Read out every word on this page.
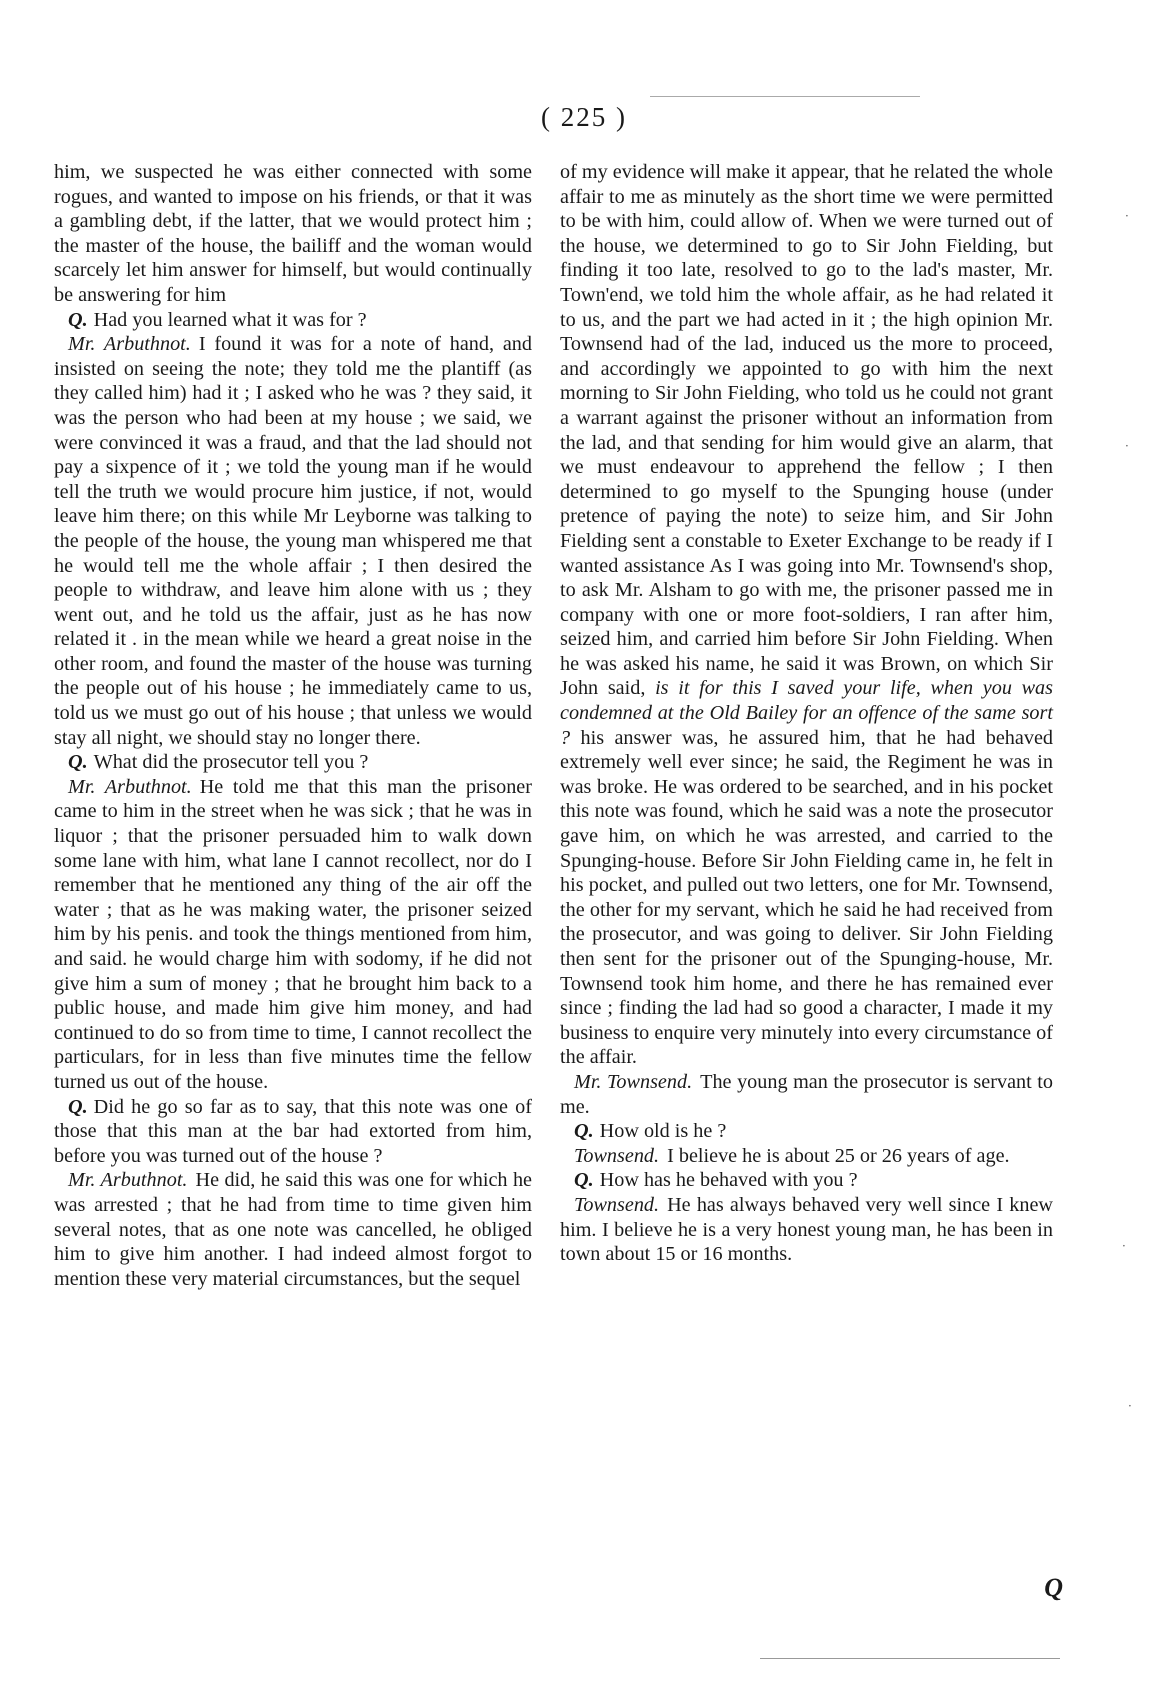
( 225 )

him, we suspected he was either connected with some rogues, and wanted to impose on his friends, or that it was a gambling debt, if the latter, that we would protect him ; the master of the house, the bailiff and the woman would scarcely let him answer for himself, but would continually be answering for him

Q. Had you learned what it was for ?

Mr. Arbuthnot. I found it was for a note of hand, and insisted on seeing the note; they told me the plantiff (as they called him) had it ; I asked who he was ? they said, it was the person who had been at my house ; we said, we were convinced it was a fraud, and that the lad should not pay a sixpence of it ; we told the young man if he would tell the truth we would procure him justice, if not, would leave him there; on this while Mr Leyborne was talking to the people of the house, the young man whispered me that he would tell me the whole affair ; I then desired the people to withdraw, and leave him alone with us ; they went out, and he told us the affair, just as he has now related it . in the mean while we heard a great noise in the other room, and found the master of the house was turning the people out of his house ; he immediately came to us, told us we must go out of his house ; that unless we would stay all night, we should stay no longer there.

Q. What did the prosecutor tell you ?

Mr. Arbuthnot. He told me that this man the prisoner came to him in the street when he was sick ; that he was in liquor ; that the prisoner persuaded him to walk down some lane with him, what lane I cannot recollect, nor do I remember that he mentioned any thing of the air off the water ; that as he was making water, the prisoner seized him by his penis. and took the things mentioned from him, and said. he would charge him with sodomy, if he did not give him a sum of money ; that he brought him back to a public house, and made him give him money, and had continued to do so from time to time, I cannot recollect the particulars, for in less than five minutes time the fellow turned us out of the house.

Q. Did he go so far as to say, that this note was one of those that this man at the bar had extorted from him, before you was turned out of the house ?

Mr. Arbuthnot. He did, he said this was one for which he was arrested ; that he had from time to time given him several notes, that as one note was cancelled, he obliged him to give him another. I had indeed almost forgot to mention these very material circumstances, but the sequel

of my evidence will make it appear, that he related the whole affair to me as minutely as the short time we were permitted to be with him, could allow of. When we were turned out of the house, we determined to go to Sir John Fielding, but finding it too late, resolved to go to the lad's master, Mr. Town'end, we told him the whole affair, as he had related it to us, and the part we had acted in it ; the high opinion Mr. Townsend had of the lad, induced us the more to proceed, and accordingly we appointed to go with him the next morning to Sir John Fielding, who told us he could not grant a warrant against the prisoner without an information from the lad, and that sending for him would give an alarm, that we must endeavour to apprehend the fellow ; I then determined to go myself to the Spunging house (under pretence of paying the note) to seize him, and Sir John Fielding sent a constable to Exeter Exchange to be ready if I wanted assistance As I was going into Mr. Townsend's shop, to ask Mr. Alsham to go with me, the prisoner passed me in company with one or more foot-soldiers, I ran after him, seized him, and carried him before Sir John Fielding. When he was asked his name, he said it was Brown, on which Sir John said, is it for this I saved your life, when you was condemned at the Old Bailey for an offence of the same sort ? his answer was, he assured him, that he had behaved extremely well ever since; he said, the Regiment he was in was broke. He was ordered to be searched, and in his pocket this note was found, which he said was a note the prosecutor gave him, on which he was arrested, and carried to the Spunging-house. Before Sir John Fielding came in, he felt in his pocket, and pulled out two letters, one for Mr. Townsend, the other for my servant, which he said he had received from the prosecutor, and was going to deliver. Sir John Fielding then sent for the prisoner out of the Spunging-house, Mr. Townsend took him home, and there he has remained ever since ; finding the lad had so good a character, I made it my business to enquire very minutely into every circumstance of the affair.

Mr. Townsend. The young man the prosecutor is servant to me.

Q. How old is he ?

Townsend. I believe he is about 25 or 26 years of age.

Q. How has he behaved with you ?

Townsend. He has always behaved very well since I knew him. I believe he is a very honest young man, he has been in town about 15 or 16 months.

Q
·
·
·
·
